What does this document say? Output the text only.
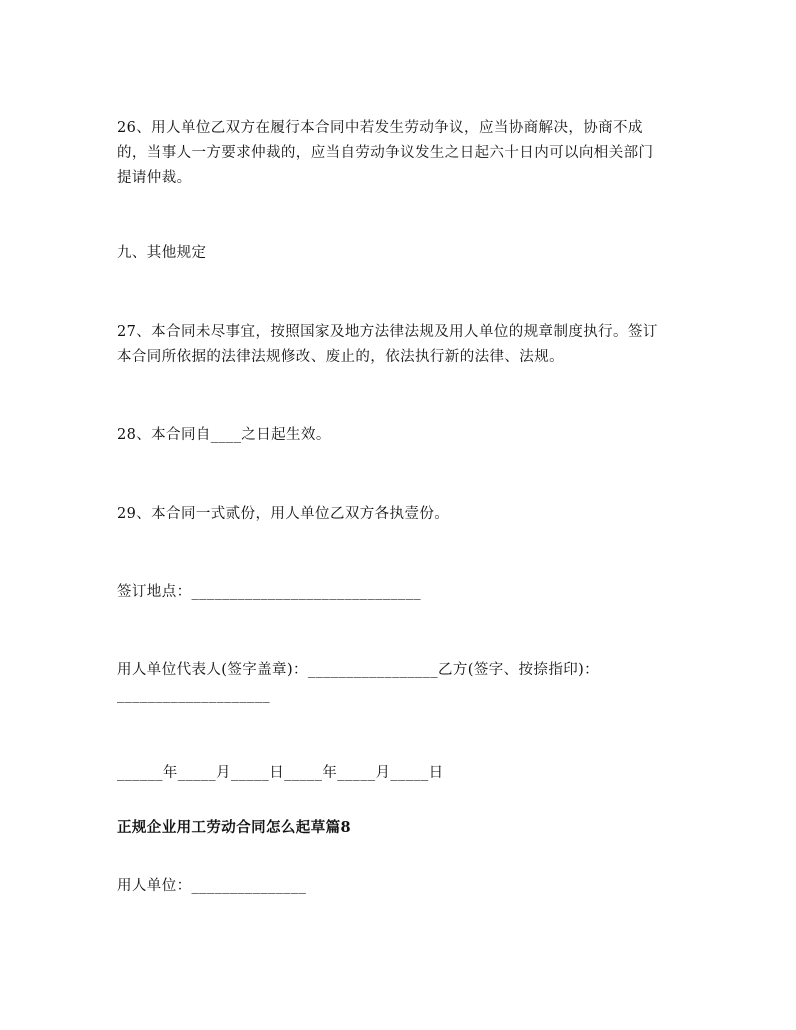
26、用人单位乙双方在履行本合同中若发生劳动争议，应当协商解决，协商不成
的，当事人一方要求仲裁的，应当自劳动争议发生之日起六十日内可以向相关部门
提请仲裁。
九、其他规定
27、本合同未尽事宜，按照国家及地方法律法规及用人单位的规章制度执行。签订
本合同所依据的法律法规修改、废止的，依法执行新的法律、法规。
28、本合同自____之日起生效。
29、本合同一式贰份，用人单位乙双方各执壹份。
签订地点：______________________________
用人单位代表人(签字盖章)：_________________乙方(签字、按捺指印)：
____________________
______年_____月_____日_____年_____月_____日
正规企业用工劳动合同怎么起草篇8
用人单位：_______________
